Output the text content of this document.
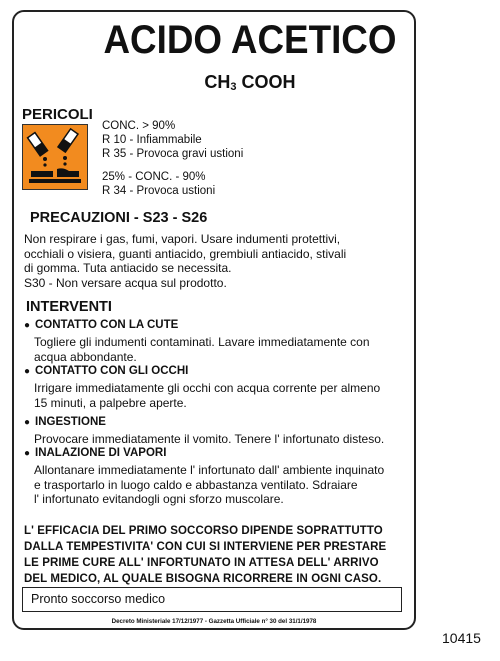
ACIDO ACETICO
CH3 COOH
PERICOLI
CONC. > 90%
R 10 - Infiammabile
R 35 - Provoca gravi ustioni
25% - CONC. - 90%
R 34 - Provoca ustioni
PRECAUZIONI - S23 - S26
Non respirare i gas, fumi, vapori. Usare indumenti protettivi,
occhiali o visiera, guanti antiacido, grembiuli antiacido, stivali
di gomma. Tuta antiacido se necessita.
S30 - Non versare acqua sul prodotto.
INTERVENTI
● CONTATTO CON LA CUTE
Togliere gli indumenti contaminati. Lavare immediatamente con
acqua abbondante.
● CONTATTO CON GLI OCCHI
Irrigare immediatamente gli occhi con acqua corrente per almeno
15 minuti, a palpebre aperte.
● INGESTIONE
Provocare immediatamente il vomito. Tenere l' infortunato disteso.
● INALAZIONE DI VAPORI
Allontanare immediatamente l' infortunato dall' ambiente inquinato
e trasportarlo in luogo caldo e abbastanza ventilato. Sdraiare
l' infortunato evitandogli ogni sforzo muscolare.
L' EFFICACIA DEL PRIMO SOCCORSO DIPENDE SOPRATTUTTO
DALLA TEMPESTIVITA' CON CUI SI INTERVIENE PER PRESTARE
LE PRIME CURE ALL' INFORTUNATO IN ATTESA DELL' ARRIVO
DEL MEDICO, AL QUALE BISOGNA RICORRERE IN OGNI CASO.
Pronto soccorso medico
Decreto Ministeriale 17/12/1977 - Gazzetta Ufficiale n° 30 del 31/1/1978
10415
